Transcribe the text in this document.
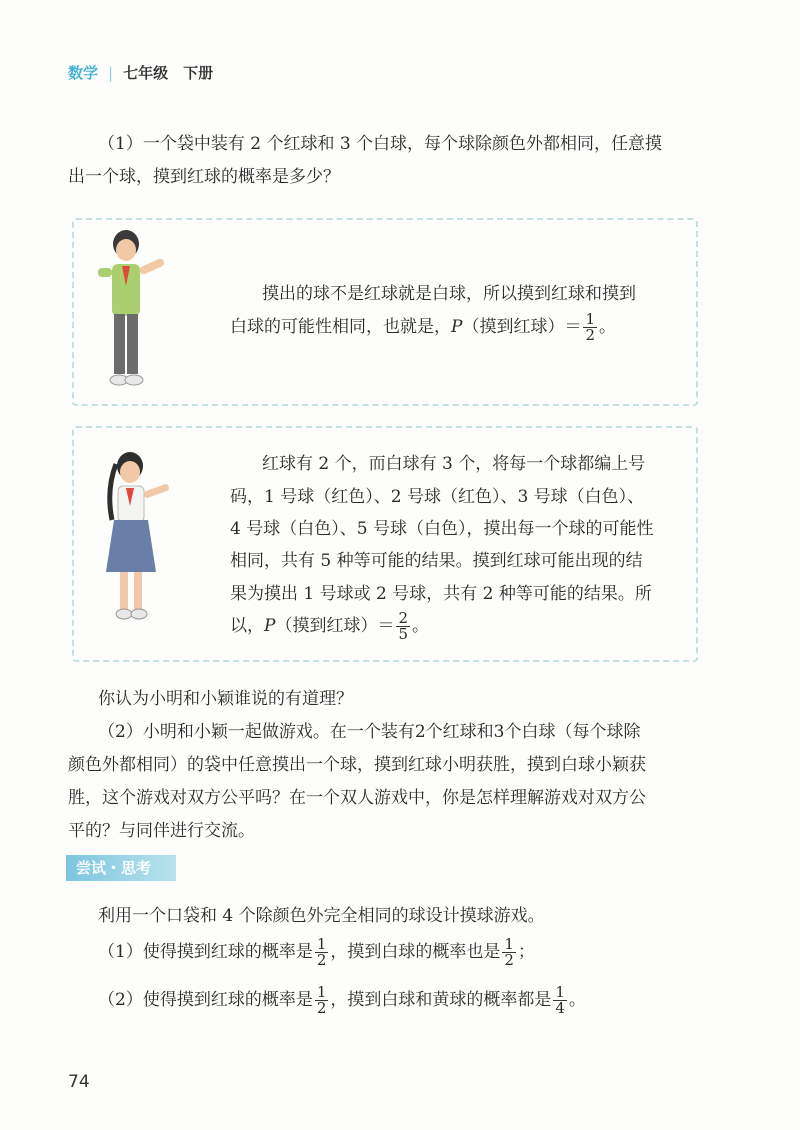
数学 | 七年级　下册
（1）一个袋中装有 2 个红球和 3 个白球，每个球除颜色外都相同，任意摸
出一个球，摸到红球的概率是多少？
摸出的球不是红球就是白球，所以摸到红球和摸到
白球的可能性相同，也就是，P（摸到红球）＝ $\frac{1}{2}$ 。
红球有 2 个，而白球有 3 个，将每一个球都编上号
码，1 号球（红色）、2 号球（红色）、3 号球（白色）、
4 号球（白色）、5 号球（白色），摸出每一个球的可能性
相同，共有 5 种等可能的结果。摸到红球可能出现的结
果为摸出 1 号球或 2 号球，共有 2 种等可能的结果。所
以，P（摸到红球）＝ $\frac{2}{5}$ 。
你认为小明和小颖谁说的有道理？
（2）小明和小颖一起做游戏。在一个装有2个红球和3个白球（每个球除
颜色外都相同）的袋中任意摸出一个球，摸到红球小明获胜，摸到白球小颖获
胜，这个游戏对双方公平吗？在一个双人游戏中，你是怎样理解游戏对双方公
平的？与同伴进行交流。
尝试・思考
利用一个口袋和 4 个除颜色外完全相同的球设计摸球游戏。
（1）使得摸到红球的概率是 $\frac{1}{2}$ ，摸到白球的概率也是 $\frac{1}{2}$ ；
（2）使得摸到红球的概率是 $\frac{1}{2}$ ，摸到白球和黄球的概率都是 $\frac{1}{4}$ 。
74
